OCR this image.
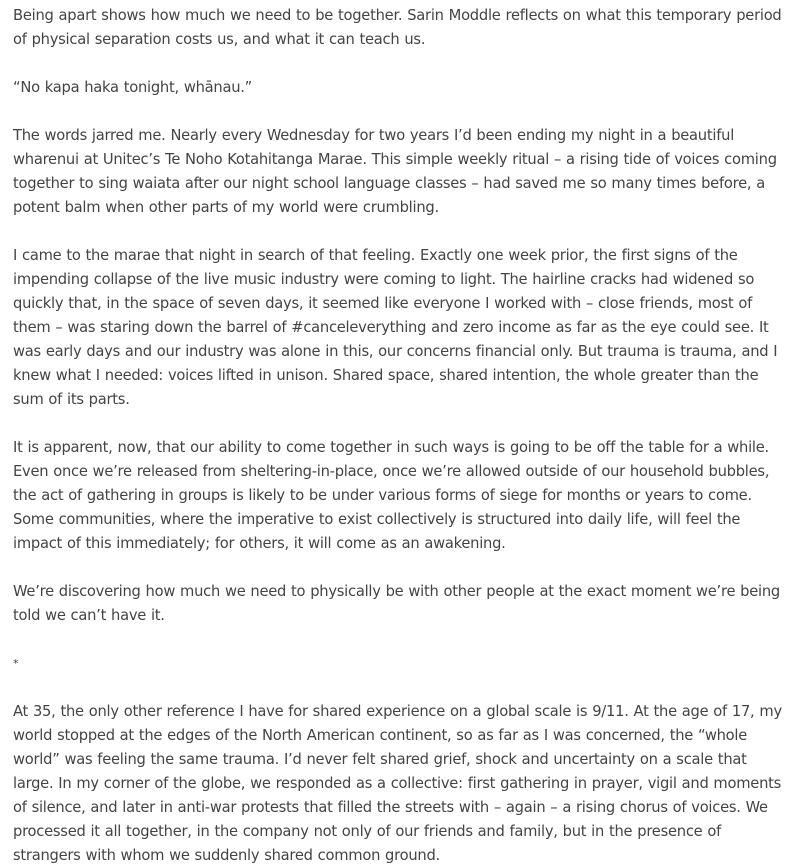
Being apart shows how much we need to be together. Sarin Moddle reflects on what this temporary period of physical separation costs us, and what it can teach us.

“No kapa haka tonight, whānau.”

The words jarred me. Nearly every Wednesday for two years I’d been ending my night in a beautiful wharenui at Unitec’s Te Noho Kotahitanga Marae. This simple weekly ritual – a rising tide of voices coming together to sing waiata after our night school language classes – had saved me so many times before, a potent balm when other parts of my world were crumbling.

I came to the marae that night in search of that feeling. Exactly one week prior, the first signs of the impending collapse of the live music industry were coming to light. The hairline cracks had widened so quickly that, in the space of seven days, it seemed like everyone I worked with – close friends, most of them – was staring down the barrel of #canceleverything and zero income as far as the eye could see. It was early days and our industry was alone in this, our concerns financial only. But trauma is trauma, and I knew what I needed: voices lifted in unison. Shared space, shared intention, the whole greater than the sum of its parts.

It is apparent, now, that our ability to come together in such ways is going to be off the table for a while. Even once we’re released from sheltering-in-place, once we’re allowed outside of our household bubbles, the act of gathering in groups is likely to be under various forms of siege for months or years to come. Some communities, where the imperative to exist collectively is structured into daily life, will feel the impact of this immediately; for others, it will come as an awakening.

We’re discovering how much we need to physically be with other people at the exact moment we’re being told we can’t have it.

*

At 35, the only other reference I have for shared experience on a global scale is 9/11. At the age of 17, my world stopped at the edges of the North American continent, so as far as I was concerned, the “whole world” was feeling the same trauma. I’d never felt shared grief, shock and uncertainty on a scale that large. In my corner of the globe, we responded as a collective: first gathering in prayer, vigil and moments of silence, and later in anti-war protests that filled the streets with – again – a rising chorus of voices. We processed it all together, in the company not only of our friends and family, but in the presence of strangers with whom we suddenly shared common ground.
